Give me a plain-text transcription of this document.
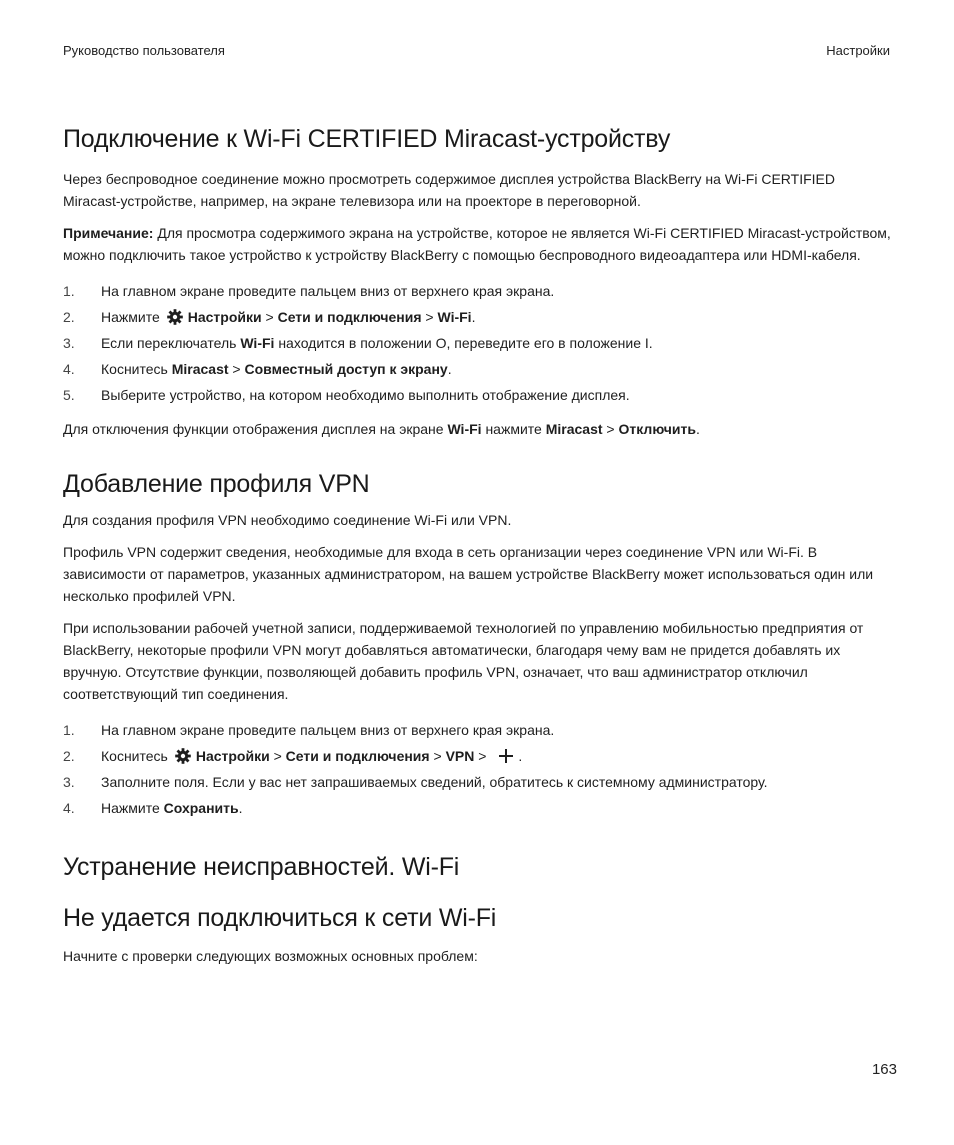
Руководство пользователя	Настройки
Подключение к Wi-Fi CERTIFIED Miracast-устройству

Через беспроводное соединение можно просмотреть содержимое дисплея устройства BlackBerry на Wi-Fi CERTIFIED Miracast-устройстве, например, на экране телевизора или на проекторе в переговорной.

Примечание: Для просмотра содержимого экрана на устройстве, которое не является Wi-Fi CERTIFIED Miracast-устройством, можно подключить такое устройство к устройству BlackBerry с помощью беспроводного видеоадаптера или HDMI-кабеля.

1.	На главном экране проведите пальцем вниз от верхнего края экрана.
2.	Нажмите Настройки > Сети и подключения > Wi-Fi.
3.	Если переключатель Wi-Fi находится в положении O, переведите его в положение I.
4.	Коснитесь Miracast > Совместный доступ к экрану.
5.	Выберите устройство, на котором необходимо выполнить отображение дисплея.

Для отключения функции отображения дисплея на экране Wi-Fi нажмите Miracast > Отключить.

Добавление профиля VPN

Для создания профиля VPN необходимо соединение Wi-Fi или VPN.

Профиль VPN содержит сведения, необходимые для входа в сеть организации через соединение VPN или Wi-Fi. В зависимости от параметров, указанных администратором, на вашем устройстве BlackBerry может использоваться один или несколько профилей VPN.

При использовании рабочей учетной записи, поддерживаемой технологией по управлению мобильностью предприятия от BlackBerry, некоторые профили VPN могут добавляться автоматически, благодаря чему вам не придется добавлять их вручную. Отсутствие функции, позволяющей добавить профиль VPN, означает, что ваш администратор отключил соответствующий тип соединения.

1.	На главном экране проведите пальцем вниз от верхнего края экрана.
2.	Коснитесь Настройки > Сети и подключения > VPN > .
3.	Заполните поля. Если у вас нет запрашиваемых сведений, обратитесь к системному администратору.
4.	Нажмите Сохранить.
Устранение неисправностей. Wi-Fi
Не удается подключиться к сети Wi-Fi

Начните с проверки следующих возможных основных проблем:

163
